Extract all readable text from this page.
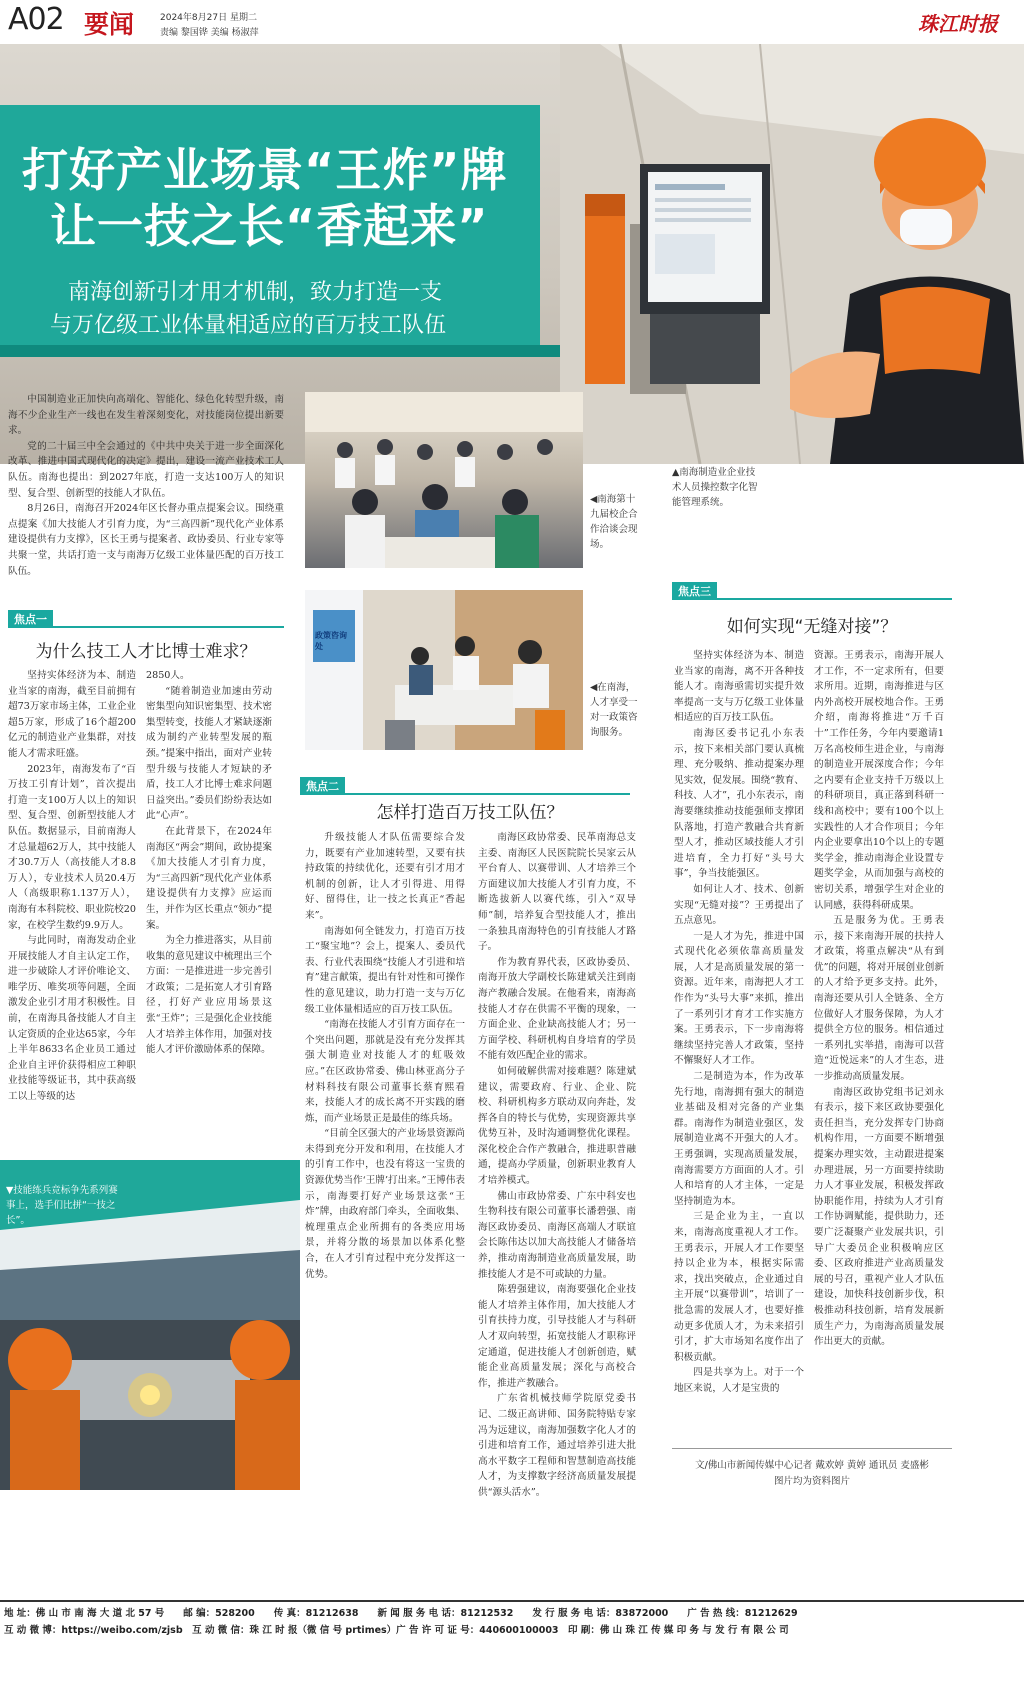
A02 要闻	2024年8月27日 星期二
责编 黎国铧 美编 杨淑萍	珠江时报
打好产业场景“王炸”牌
让一技之长“香起来”
南海创新引才用才机制，致力打造一支
与万亿级工业体量相适应的百万技工队伍

中国制造业正加快向高端化、智能化、绿色化转型升级，南海不少企业生产一线也在发生着深刻变化，对技能岗位提出新要求。

党的二十届三中全会通过的《中共中央关于进一步全面深化改革、推进中国式现代化的决定》提出，建设一流产业技术工人队伍。南海也提出：到2027年底，打造一支达100万人的知识型、复合型、创新型的技能人才队伍。

8月26日，南海召开2024年区长督办重点提案会议。围绕重点提案《加大技能人才引育力度，为“三高四新”现代化产业体系建设提供有力支撑》，区长王勇与提案者、政协委员、行业专家等共聚一堂，共话打造一支与南海万亿级工业体量匹配的百万技工队伍。

◀南海第十九届校企合作洽谈会现场。
▲南海制造业企业技术人员操控数字化智能管理系统。
政策咨询处
◀在南海，人才享受一对一政策咨询服务。
焦点一
为什么技工人才比博士难求？

坚持实体经济为本、制造业当家的南海，截至目前拥有超73万家市场主体，工业企业超5万家，形成了16个超200亿元的制造业产业集群，对技能人才需求旺盛。

2023年，南海发布了“百万技工引育计划”，首次提出打造一支100万人以上的知识型、复合型、创新型技能人才队伍。数据显示，目前南海人才总量超62万人，其中技能人才30.7万人（高技能人才8.8万人），专业技术人员20.4万人（高级职称1.137万人），南海有本科院校、职业院校20家，在校学生数约9.9万人。

与此同时，南海发动企业开展技能人才自主认定工作，进一步破除人才评价唯论文、唯学历、唯奖项等问题，全面激发企业引才用才积极性。目前，在南海具备技能人才自主认定资质的企业达65家，今年上半年8633名企业员工通过企业自主评价获得相应工种职业技能等级证书，其中获高级工以上等级的达

2850人。

“随着制造业加速由劳动密集型向知识密集型、技术密集型转变，技能人才紧缺逐渐成为制约产业转型发展的瓶颈。”提案中指出，面对产业转型升级与技能人才短缺的矛盾，技工人才比博士难求问题日益突出。”委员们纷纷表达如此“心声”。

在此背景下，在2024年南海区“两会”期间，政协提案《加大技能人才引育力度，为“三高四新”现代化产业体系建设提供有力支撑》应运而生，并作为区长重点“领办”提案。

为全力推进落实，从目前收集的意见建议中梳理出三个方面：一是推进进一步完善引才政策；二是拓宽人才引育路径，打好产业应用场景这张“王炸”；三是强化企业技能人才培养主体作用，加强对技能人才评价激励体系的保障。

▼技能练兵竞标争先系列赛事上，选手们比拼“一技之长”。
焦点二
怎样打造百万技工队伍？

升级技能人才队伍需要综合发力，既要有产业加速转型，又要有扶持政策的持续优化，还要有引才用才机制的创新，让人才引得进、用得好、留得住，让一技之长真正“香起来”。

南海如何全链发力，打造百万技工“聚宝地”？会上，提案人、委员代表、行业代表围绕“技能人才引进和培育”建言献策，提出有针对性和可操作性的意见建议，助力打造一支与万亿级工业体量相适应的百万技工队伍。

“南海在技能人才引育方面存在一个突出问题，那就是没有充分发挥其强大制造业对技能人才的虹吸效应。”在区政协常委、佛山林亚高分子材料科技有限公司董事长蔡育熙看来，技能人才的成长离不开实践的磨炼，而产业场景正是最佳的练兵场。

“目前全区强大的产业场景资源尚未得到充分开发和利用，在技能人才的引育工作中，也没有将这一宝贵的资源优势当作‘王牌’打出来。”王博伟表示，南海要打好产业场景这张“王炸”牌，由政府部门牵头，全面收集、梳理重点企业所拥有的各类应用场景，并将分散的场景加以体系化整合，在人才引育过程中充分发挥这一优势。

南海区政协常委、民革南海总支主委、南海区人民医院院长吴家云从平台育人、以赛带训、人才培养三个方面建议加大技能人才引育力度，不断选拔新人以赛代练，引入“双导师”制，培养复合型技能人才，推出一条独具南海特色的引育技能人才路子。

作为教育界代表，区政协委员、南海开放大学副校长陈建斌关注到南海产教融合发展。在他看来，南海高技能人才存在供需不平衡的现象，一方面企业、企业缺高技能人才；另一方面学校、科研机构自身培育的学员不能有效匹配企业的需求。

如何破解供需对接难题？陈建斌建议，需要政府、行业、企业、院校、科研机构多方联动双向奔赴，发挥各自的特长与优势，实现资源共享优势互补，及时沟通调整优化课程。深化校企合作产教融合，推进职普融通，提高办学质量，创新职业教育人才培养模式。

佛山市政协常委、广东中科安也生物科技有限公司董事长潘碧强、南海区政协委员、南海区高端人才联谊会长陈伟达以加大高技能人才储备培养，推动南海制造业高质量发展，助推技能人才是不可或缺的力量。

陈碧强建议，南海要强化企业技能人才培养主体作用，加大技能人才引育扶持力度，引导技能人才与科研人才双向转型，拓宽技能人才职称评定通道，促进技能人才创新创造，赋能企业高质量发展；深化与高校合作，推进产教融合。

广东省机械技师学院原党委书记、二级正高讲师、国务院特贴专家冯为远建议，南海加强数字化人才的引进和培育工作，通过培养引进大批高水平数字工程师和智慧制造高技能人才，为支撑数字经济高质量发展提供“源头活水”。

焦点三
如何实现“无缝对接”？

坚持实体经济为本、制造业当家的南海，离不开各种技能人才。南海亟需切实提升效率提高一支与万亿级工业体量相适应的百万技工队伍。

南海区委书记孔小东表示，按下来相关部门要认真梳理、充分吸纳、推动提案办理见实效，促发展。围绕“教育、科技、人才”，孔小东表示，南海要继续推动技能强师支撑团队落地，打造产教融合共育新型人才，推动区域技能人才引进培育，全力打好“头号大事”，争当技能强区。

如何让人才、技术、创新实现“无缝对接”？王勇提出了五点意见。

一是人才为先，推进中国式现代化必须依靠高质量发展，人才是高质量发展的第一资源。近年来，南海把人才工作作为“头号大事”来抓，推出了一系列引才育才工作实施方案。王勇表示，下一步南海将继续坚持完善人才政策，坚持不懈聚好人才工作。

二是制造为本，作为改革先行地，南海拥有强大的制造业基础及相对完备的产业集群。南海作为制造业强区，发展制造业离不开强大的人才。王勇强调，实现高质量发展，南海需要方方面面的人才。引人和培育的人才主体，一定是坚持制造为本。

三是企业为主，一直以来，南海高度重视人才工作。王勇表示，开展人才工作要坚持以企业为本，根据实际需求，找出突破点，企业通过自主开展“以赛带训”，培训了一批急需的发展人才，也要好推动更多优质人才，为未来招引引才，扩大市场知名度作出了积极贡献。

四是共享为上。对于一个地区来说，人才是宝贵的

资源。王勇表示，南海开展人才工作，不一定求所有，但要求所用。近期，南海推进与区内外高校开展校地合作。王勇介绍，南海将推进“万千百十”工作任务，今年内要邀请1万名高校师生进企业，与南海的制造业开展深度合作；今年之内要有企业支持千万级以上的科研项目，真正落到科研一线和高校中；要有100个以上实践性的人才合作项目；今年内企业要拿出10个以上的专题奖学金，推动南海企业设置专题奖学金，从而加强与高校的密切关系，增强学生对企业的认同感，获得科研成果。

五是服务为优。王勇表示，接下来南海开展的扶持人才政策，将重点解决“从有到优”的问题，将对开展创业创新的人才给予更多支持。此外，南海还要从引人全链条、全方位做好人才服务保障，为人才提供全方位的服务。相信通过一系列扎实举措，南海可以营造“近悦远来”的人才生态，进一步推动高质量发展。

南海区政协党组书记刘永有表示，接下来区政协要强化责任担当，充分发挥专门协商机构作用，一方面要不断增强提案办理实效，主动跟进提案办理进展，另一方面要持续助力人才事业发展，积极发挥政协职能作用，持续为人才引育工作协调赋能，提供助力，还要广泛凝聚产业发展共识，引导广大委员企业积极响应区委、区政府推进产业高质量发展的号召，重视产业人才队伍建设，加快科技创新步伐，积极推动科技创新，培育发展新质生产力，为南海高质量发展作出更大的贡献。

文/佛山市新闻传媒中心记者 戴欢婷 黄婷 通讯员 麦盛彬
图片均为资料图片
地 址：佛 山 市 南 海 大 道 北 57 号　　邮 编：528200　　传 真：81212638　　新 闻 服 务 电 话：81212532　　发 行 服 务 电 话：83872000　　广 告 热 线：81212629
互 动 微 博：https://weibo.com/zjsb　互 动 微 信：珠 江 时 报（微 信 号 prtimes）广 告 许 可 证 号：440600100003　印 刷：佛 山 珠 江 传 媒 印 务 与 发 行 有 限 公 司
